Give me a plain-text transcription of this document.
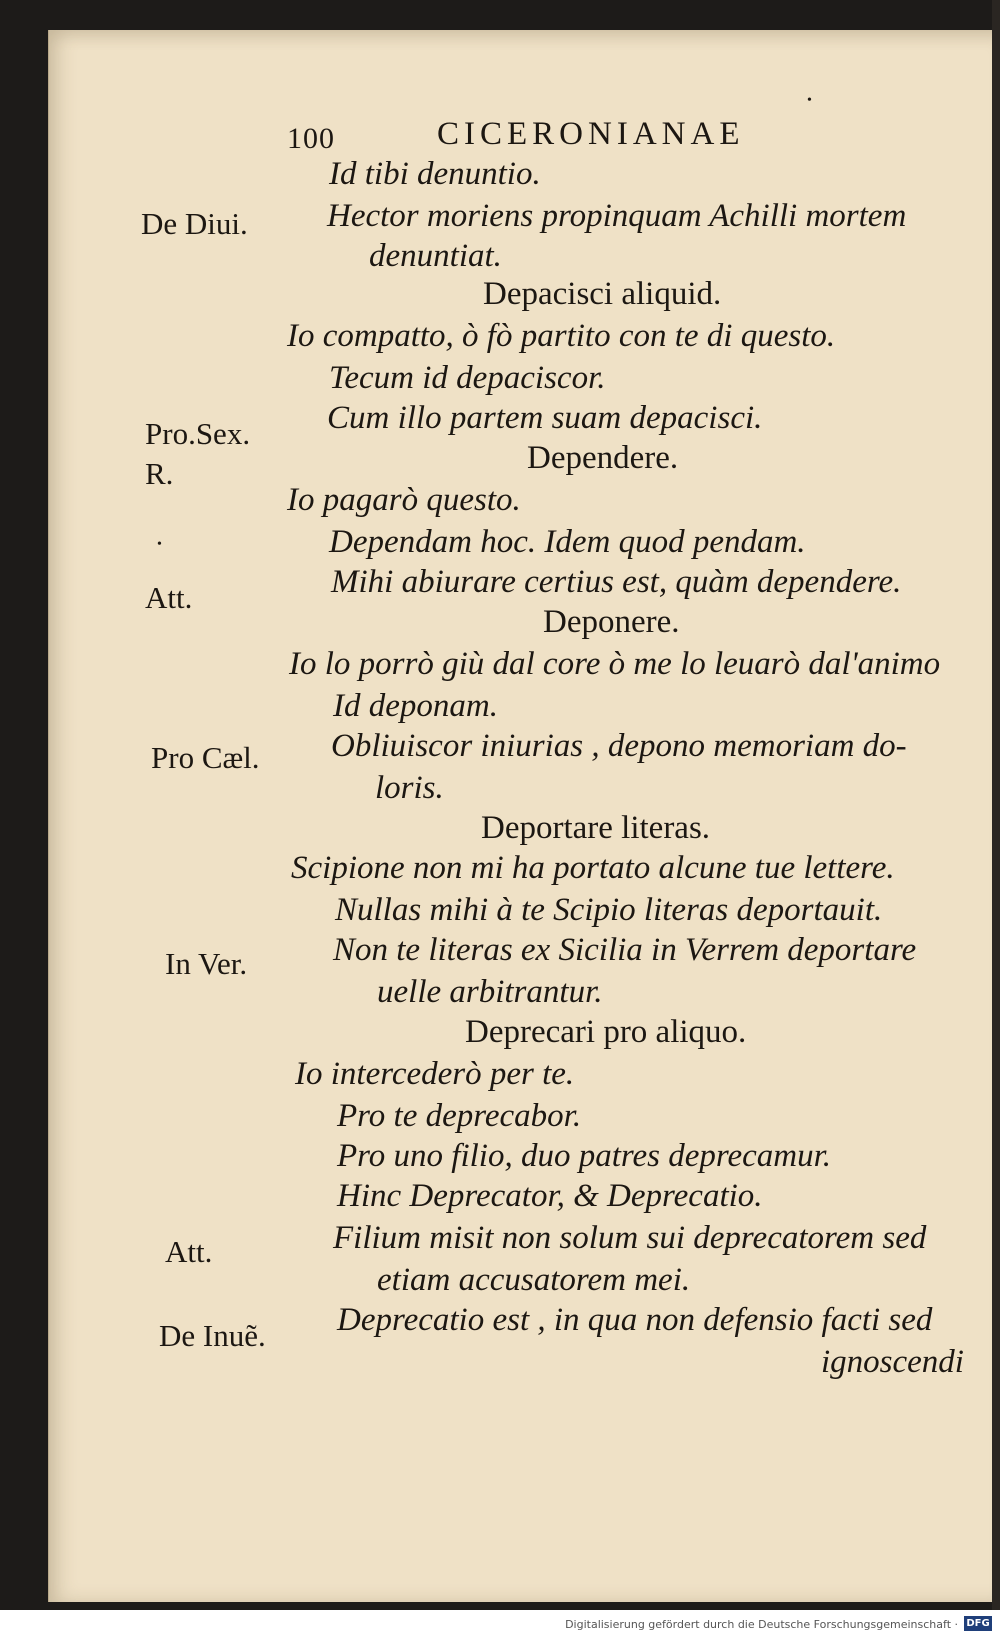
100	CICERONIANAE
De Diui.
Pro.Sex. R.
Att.
Pro Cæl.
In Ver.
Att.
De Inuẽ.
Id tibi denuntio.
Hector moriens propinquam Achilli mortem
denuntiat.
Depacisci aliquid.
Io compatto, ò fò partito con te di questo.
Tecum id depaciscor.
Cum illo partem suam depacisci.
Dependere.
Io pagarò questo.
Dependam hoc. Idem quod pendam.
Mihi abiurare certius est, quàm dependere.
Deponere.
Io lo porrò giù dal core ò me lo leuarò dal'animo
Id deponam.
Obliuiscor iniurias , depono memoriam do-
loris.
Deportare literas.
Scipione non mi ha portato alcune tue lettere.
Nullas mihi à te Scipio literas deportauit.
Non te literas ex Sicilia in Verrem deportare
uelle arbitrantur.
Deprecari pro aliquo.
Io intercederò per te.
Pro te deprecabor.
Pro uno filio, duo patres deprecamur.
Hinc Deprecator, & Deprecatio.
Filium misit non solum sui deprecatorem sed
etiam accusatorem mei.
Deprecatio est , in qua non defensio facti sed
ignoscendi
•
•
Digitalisierung gefördert durch die Deutsche Forschungsgemeinschaft · DFG
